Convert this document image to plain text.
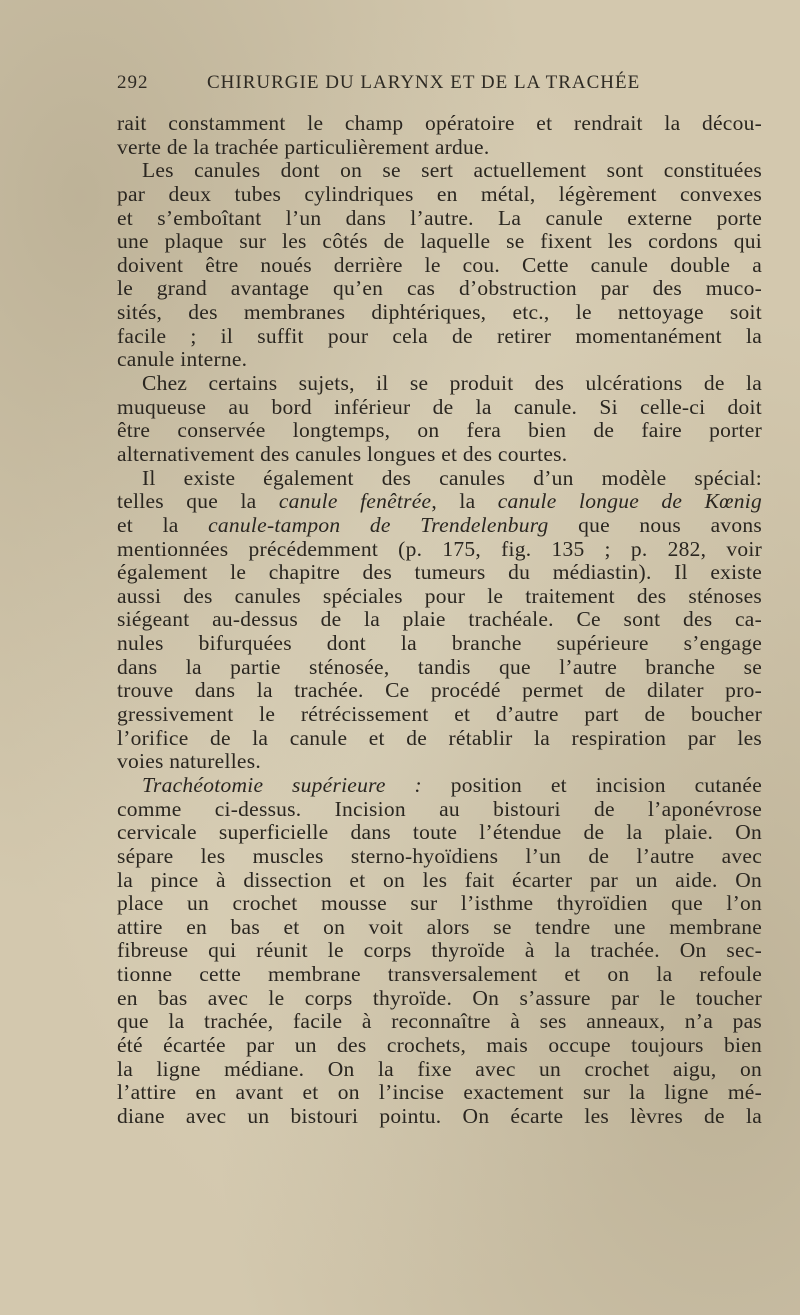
292	CHIRURGIE DU LARYNX ET DE LA TRACHÉE
rait constamment le champ opératoire et rendrait la décou-
verte de la trachée particulièrement ardue.
Les canules dont on se sert actuellement sont constituées
par deux tubes cylindriques en métal, légèrement convexes
et s’emboîtant l’un dans l’autre. La canule externe porte
une plaque sur les côtés de laquelle se fixent les cordons qui
doivent être noués derrière le cou. Cette canule double a
le grand avantage qu’en cas d’obstruction par des muco-
sités, des membranes diphtériques, etc., le nettoyage soit
facile ; il suffit pour cela de retirer momentanément la
canule interne.
Chez certains sujets, il se produit des ulcérations de la
muqueuse au bord inférieur de la canule. Si celle-ci doit
être conservée longtemps, on fera bien de faire porter
alternativement des canules longues et des courtes.
Il existe également des canules d’un modèle spécial:
telles que la canule fenêtrée, la canule longue de Kœnig
et la canule-tampon de Trendelenburg que nous avons
mentionnées précédemment (p. 175, fig. 135 ; p. 282, voir
également le chapitre des tumeurs du médiastin). Il existe
aussi des canules spéciales pour le traitement des sténoses
siégeant au-dessus de la plaie trachéale. Ce sont des ca-
nules bifurquées dont la branche supérieure s’engage
dans la partie sténosée, tandis que l’autre branche se
trouve dans la trachée. Ce procédé permet de dilater pro-
gressivement le rétrécissement et d’autre part de boucher
l’orifice de la canule et de rétablir la respiration par les
voies naturelles.
Trachéotomie supérieure : position et incision cutanée
comme ci-dessus. Incision au bistouri de l’aponévrose
cervicale superficielle dans toute l’étendue de la plaie. On
sépare les muscles sterno-hyoïdiens l’un de l’autre avec
la pince à dissection et on les fait écarter par un aide. On
place un crochet mousse sur l’isthme thyroïdien que l’on
attire en bas et on voit alors se tendre une membrane
fibreuse qui réunit le corps thyroïde à la trachée. On sec-
tionne cette membrane transversalement et on la refoule
en bas avec le corps thyroïde. On s’assure par le toucher
que la trachée, facile à reconnaître à ses anneaux, n’a pas
été écartée par un des crochets, mais occupe toujours bien
la ligne médiane. On la fixe avec un crochet aigu, on
l’attire en avant et on l’incise exactement sur la ligne mé-
diane avec un bistouri pointu. On écarte les lèvres de la
